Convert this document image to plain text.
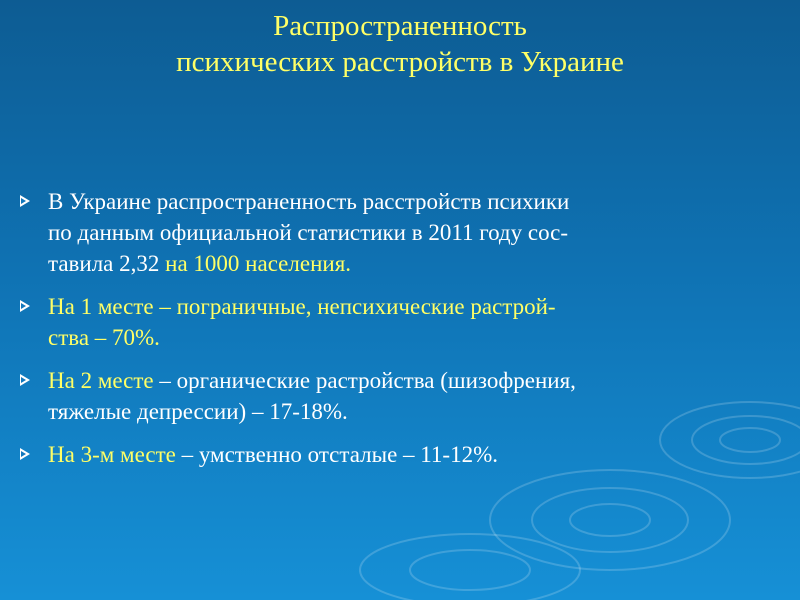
Распространенность
психических расстройств в Украине
В Украине распространенность расстройств психики
по данным официальной статистики в 2011 году сос-
тавила 2,32 на 1000 населения.
На 1 месте – пограничные, непсихические растрой-
ства – 70%.
На 2 месте – органические растройства (шизофрения,
тяжелые депрессии) – 17-18%.
На 3-м месте – умственно отсталые – 11-12%.
